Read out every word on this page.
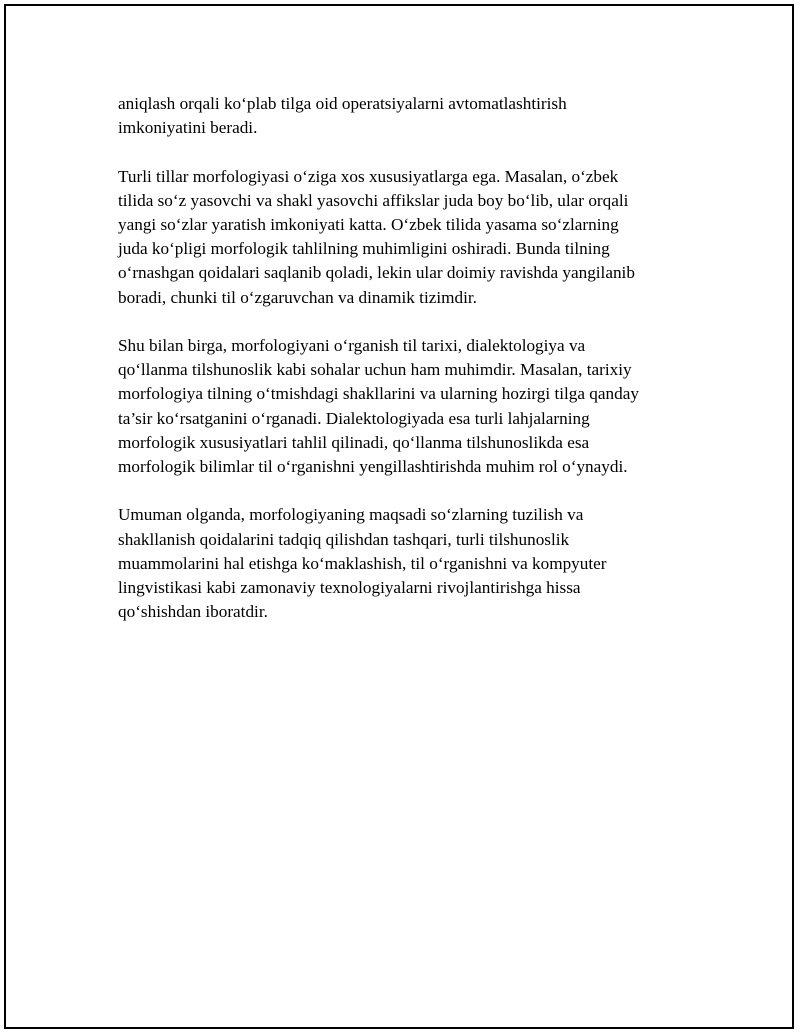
aniqlash orqali ko‘plab tilga oid operatsiyalarni avtomatlashtirish
imkoniyatini beradi.

Turli tillar morfologiyasi o‘ziga xos xususiyatlarga ega. Masalan, o‘zbek
tilida so‘z yasovchi va shakl yasovchi affikslar juda boy bo‘lib, ular orqali
yangi so‘zlar yaratish imkoniyati katta. O‘zbek tilida yasama so‘zlarning
juda ko‘pligi morfologik tahlilning muhimligini oshiradi. Bunda tilning
o‘rnashgan qoidalari saqlanib qoladi, lekin ular doimiy ravishda yangilanib
boradi, chunki til o‘zgaruvchan va dinamik tizimdir.

Shu bilan birga, morfologiyani o‘rganish til tarixi, dialektologiya va
qo‘llanma tilshunoslik kabi sohalar uchun ham muhimdir. Masalan, tarixiy
morfologiya tilning o‘tmishdagi shakllarini va ularning hozirgi tilga qanday
ta’sir ko‘rsatganini o‘rganadi. Dialektologiyada esa turli lahjalarning
morfologik xususiyatlari tahlil qilinadi, qo‘llanma tilshunoslikda esa
morfologik bilimlar til o‘rganishni yengillashtirishda muhim rol o‘ynaydi.

Umuman olganda, morfologiyaning maqsadi so‘zlarning tuzilish va
shakllanish qoidalarini tadqiq qilishdan tashqari, turli tilshunoslik
muammolarini hal etishga ko‘maklashish, til o‘rganishni va kompyuter
lingvistikasi kabi zamonaviy texnologiyalarni rivojlantirishga hissa
qo‘shishdan iboratdir.
